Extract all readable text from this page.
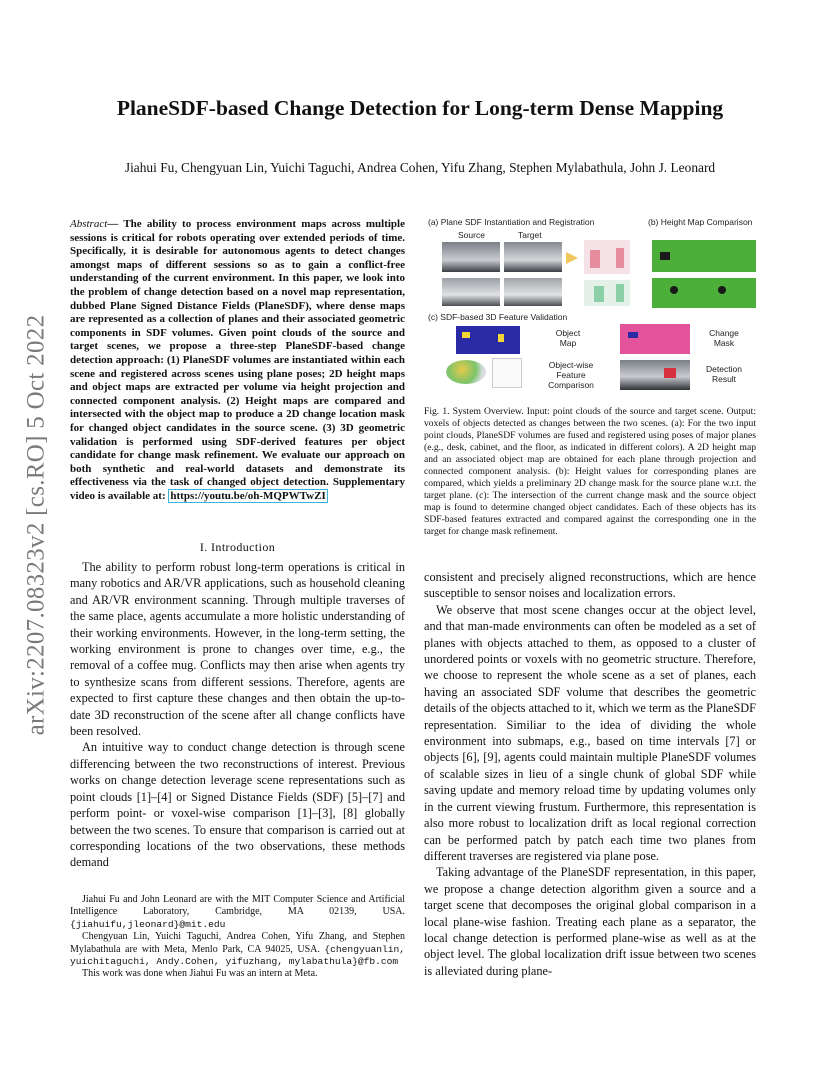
arXiv:2207.08323v2 [cs.RO] 5 Oct 2022
PlaneSDF-based Change Detection for Long-term Dense Mapping
Jiahui Fu, Chengyuan Lin, Yuichi Taguchi, Andrea Cohen, Yifu Zhang, Stephen Mylabathula, John J. Leonard
Abstract— The ability to process environment maps across multiple sessions is critical for robots operating over extended periods of time. Specifically, it is desirable for autonomous agents to detect changes amongst maps of different sessions so as to gain a conflict-free understanding of the current environment. In this paper, we look into the problem of change detection based on a novel map representation, dubbed Plane Signed Distance Fields (PlaneSDF), where dense maps are represented as a collection of planes and their associated geometric components in SDF volumes. Given point clouds of the source and target scenes, we propose a three-step PlaneSDF-based change detection approach: (1) PlaneSDF volumes are instantiated within each scene and registered across scenes using plane poses; 2D height maps and object maps are extracted per volume via height projection and connected component analysis. (2) Height maps are compared and intersected with the object map to produce a 2D change location mask for changed object candidates in the source scene. (3) 3D geometric validation is performed using SDF-derived features per object candidate for change mask refinement. We evaluate our approach on both synthetic and real-world datasets and demonstrate its effectiveness via the task of changed object detection. Supplementary video is available at: https://youtu.be/oh-MQPWTwZI
I. Introduction

The ability to perform robust long-term operations is critical in many robotics and AR/VR applications, such as household cleaning and AR/VR environment scanning. Through multiple traverses of the same place, agents accumulate a more holistic understanding of their working environments. However, in the long-term setting, the working environment is prone to changes over time, e.g., the removal of a coffee mug. Conflicts may then arise when agents try to synthesize scans from different sessions. Therefore, agents are expected to first capture these changes and then obtain the up-to-date 3D reconstruction of the scene after all change conflicts have been resolved.

An intuitive way to conduct change detection is through scene differencing between the two reconstructions of interest. Previous works on change detection leverage scene representations such as point clouds [1]–[4] or Signed Distance Fields (SDF) [5]–[7] and perform point- or voxel-wise comparison [1]–[3], [8] globally between the two scenes. To ensure that comparison is carried out at corresponding locations of the two observations, these methods demand

Jiahui Fu and John Leonard are with the MIT Computer Science and Artificial Intelligence Laboratory, Cambridge, MA 02139, USA. {jiahuifu,jleonard}@mit.edu

Chengyuan Lin, Yuichi Taguchi, Andrea Cohen, Yifu Zhang, and Stephen Mylabathula are with Meta, Menlo Park, CA 94025, USA. {chengyuanlin, yuichitaguchi, Andy.Cohen, yifuzhang, mylabathula}@fb.com

This work was done when Jiahui Fu was an intern at Meta.

(a) Plane SDF Instantiation and Registration	(b) Height Map Comparison
Source	Target
(c) SDF-based 3D Feature Validation
Object
Map
Change
Mask
Object-wise
Feature
Comparison
Detection
Result
Fig. 1. System Overview. Input: point clouds of the source and target scene. Output: voxels of objects detected as changes between the two scenes. (a): For the two input point clouds, PlaneSDF volumes are fused and registered using poses of major planes (e.g., desk, cabinet, and the floor, as indicated in different colors). A 2D height map and an associated object map are obtained for each plane through projection and connected component analysis. (b): Height values for corresponding planes are compared, which yields a preliminary 2D change mask for the source plane w.r.t. the target plane. (c): The intersection of the current change mask and the source object map is found to determine changed object candidates. Each of these objects has its SDF-based features extracted and compared against the corresponding one in the target for change mask refinement.

consistent and precisely aligned reconstructions, which are hence susceptible to sensor noises and localization errors.

We observe that most scene changes occur at the object level, and that man-made environments can often be modeled as a set of planes with objects attached to them, as opposed to a cluster of unordered points or voxels with no geometric structure. Therefore, we choose to represent the whole scene as a set of planes, each having an associated SDF volume that describes the geometric details of the objects attached to it, which we term as the PlaneSDF representation. Similiar to the idea of dividing the whole environment into submaps, e.g., based on time intervals [7] or objects [6], [9], agents could maintain multiple PlaneSDF volumes of scalable sizes in lieu of a single chunk of global SDF while saving update and memory reload time by updating volumes only in the current viewing frustum. Furthermore, this representation is also more robust to localization drift as local regional correction can be performed patch by patch each time two planes from different traverses are registered via plane pose.

Taking advantage of the PlaneSDF representation, in this paper, we propose a change detection algorithm given a source and a target scene that decomposes the original global comparison in a local plane-wise fashion. Treating each plane as a separator, the local change detection is performed plane-wise as well as at the object level. The global localization drift issue between two scenes is alleviated during plane-
